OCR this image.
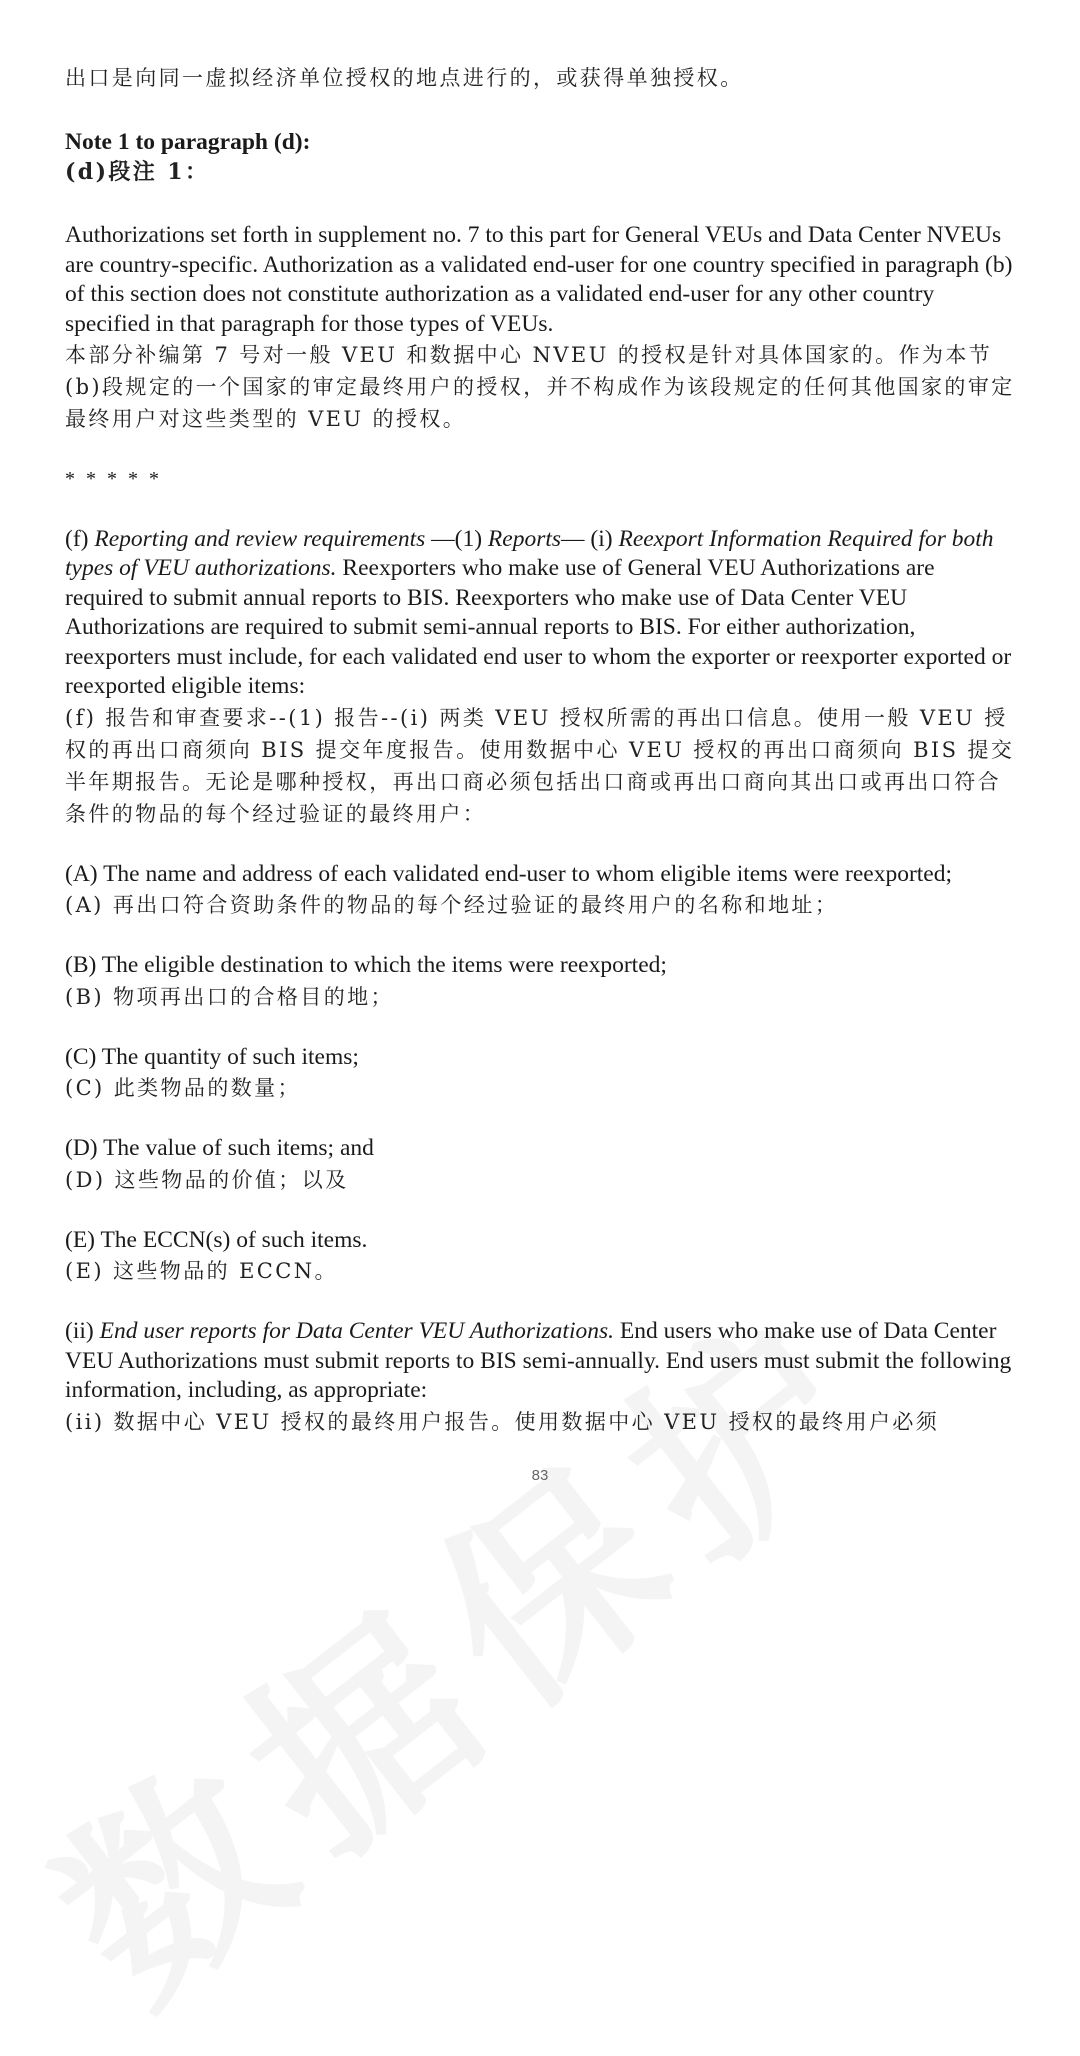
出口是向同一虚拟经济单位授权的地点进行的，或获得单独授权。

Note 1 to paragraph (d):

(d)段注 1：

Authorizations set forth in supplement no. 7 to this part for General VEUs and Data Center NVEUs are country-specific. Authorization as a validated end-user for one country specified in paragraph (b) of this section does not constitute authorization as a validated end-user for any other country specified in that paragraph for those types of VEUs.

本部分补编第 7 号对一般 VEU 和数据中心 NVEU 的授权是针对具体国家的。作为本节(b)段规定的一个国家的审定最终用户的授权，并不构成作为该段规定的任何其他国家的审定最终用户对这些类型的 VEU 的授权。

* * * * *

(f) Reporting and review requirements —(1) Reports— (i) Reexport Information Required for both types of VEU authorizations. Reexporters who make use of General VEU Authorizations are required to submit annual reports to BIS. Reexporters who make use of Data Center VEU Authorizations are required to submit semi-annual reports to BIS. For either authorization, reexporters must include, for each validated end user to whom the exporter or reexporter exported or reexported eligible items:

(f) 报告和审查要求--(1) 报告--(i) 两类 VEU 授权所需的再出口信息。使用一般 VEU 授权的再出口商须向 BIS 提交年度报告。使用数据中心 VEU 授权的再出口商须向 BIS 提交半年期报告。无论是哪种授权，再出口商必须包括出口商或再出口商向其出口或再出口符合条件的物品的每个经过验证的最终用户：

(A) The name and address of each validated end-user to whom eligible items were reexported;

(A) 再出口符合资助条件的物品的每个经过验证的最终用户的名称和地址；

(B) The eligible destination to which the items were reexported;

(B) 物项再出口的合格目的地；

(C) The quantity of such items;

(C) 此类物品的数量；

(D) The value of such items; and

(D) 这些物品的价值；以及

(E) The ECCN(s) of such items.

(E) 这些物品的 ECCN。

(ii) End user reports for Data Center VEU Authorizations. End users who make use of Data Center VEU Authorizations must submit reports to BIS semi-annually. End users must submit the following information, including, as appropriate:

(ii) 数据中心 VEU 授权的最终用户报告。使用数据中心 VEU 授权的最终用户必须

83
